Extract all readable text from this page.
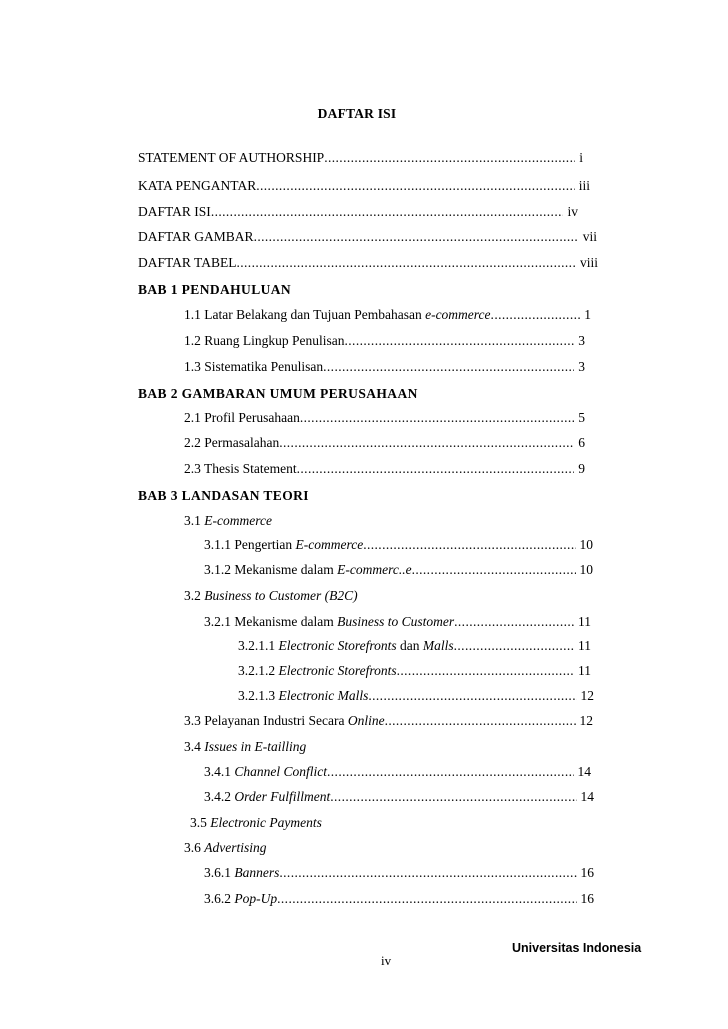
DAFTAR ISI
STATEMENT OF AUTHORSHIP .....	i
KATA PENGANTAR .....	iii
DAFTAR ISI .....	iv
DAFTAR GAMBAR .....	vii
DAFTAR TABEL .....	viii
BAB 1 PENDAHULUAN
1.1 Latar Belakang dan Tujuan Pembahasan e-commerce .....	1
1.2 Ruang Lingkup Penulisan .....	3
1.3 Sistematika Penulisan .....	3
BAB 2 GAMBARAN UMUM PERUSAHAAN
2.1 Profil Perusahaan .....	5
2.2 Permasalahan .....	6
2.3 Thesis Statement .....	9
BAB 3 LANDASAN TEORI
3.1 E-commerce
3.1.1 Pengertian E-commerce .....	10
3.1.2 Mekanisme dalam E-commerc..e .....	10
3.2 Business to Customer (B2C)
3.2.1 Mekanisme dalam Business to Customer .....	11
3.2.1.1 Electronic Storefronts dan Malls .....	11
3.2.1.2 Electronic Storefronts .....	11
3.2.1.3 Electronic Malls .....	12
3.3 Pelayanan Industri Secara Online .....	12
3.4 Issues in E-tailling
3.4.1 Channel Conflict .....	14
3.4.2 Order Fulfillment .....	14
3.5 Electronic Payments
3.6 Advertising
3.6.1 Banners .....	16
3.6.2 Pop-Up .....	16
Universitas Indonesia
iv
